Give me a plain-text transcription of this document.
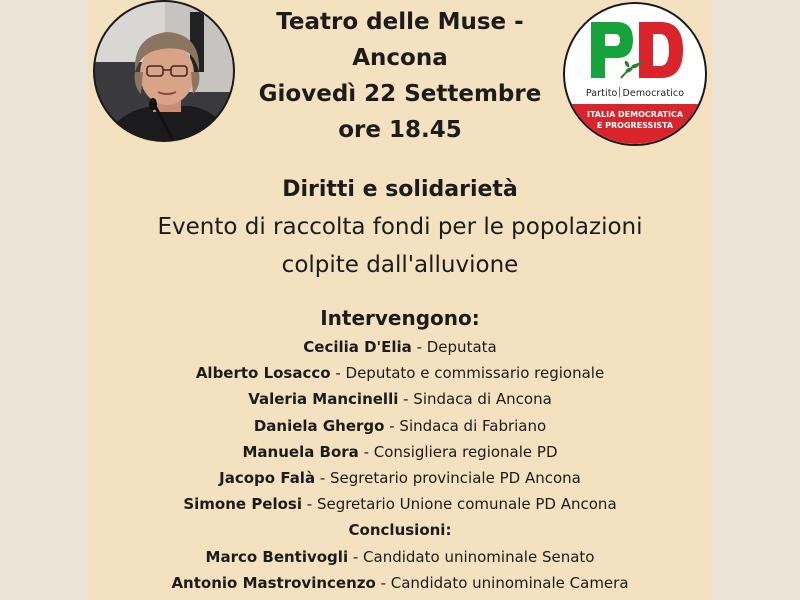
Partito Democratico
ITALIA DEMOCRATICA
E PROGRESSISTA
Teatro delle Muse -
Ancona
Giovedì 22 Settembre
ore 18.45
Diritti e solidarietà
Evento di raccolta fondi per le popolazioni
colpite dall'alluvione
Intervengono:
Cecilia D'Elia - Deputata
Alberto Losacco - Deputato e commissario regionale
Valeria Mancinelli - Sindaca di Ancona
Daniela Ghergo - Sindaca di Fabriano
Manuela Bora - Consigliera regionale PD
Jacopo Falà - Segretario provinciale PD Ancona
Simone Pelosi - Segretario Unione comunale PD Ancona
Conclusioni:
Marco Bentivogli - Candidato uninominale Senato
Antonio Mastrovincenzo - Candidato uninominale Camera
